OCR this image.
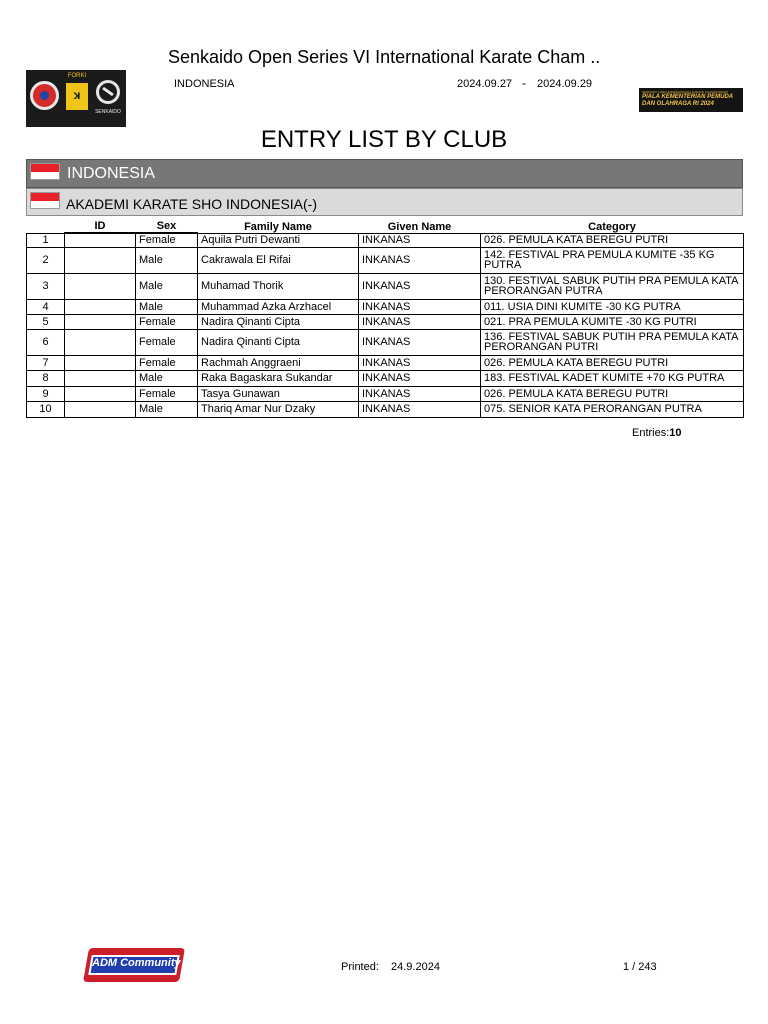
FORKI
ꓘ
SENKAIDO
Senkaido Open Series VI International Karate Cham ..
INDONESIA	2024.09.27 - 2024.09.29
SENKAIDO OPEN INTERNATIONAL KARATE CHAMPIONSHIP
PIALA KEMENTERIAN PEMUDA
DAN OLAHRAGA RI 2024
ENTRY LIST BY CLUB
INDONESIA
AKADEMI KARATE SHO INDONESIA(-)
	ID	Sex	Family Name	Given Name	Category
1		Female	Aquila Putri Dewanti	INKANAS	026. PEMULA KATA BEREGU PUTRI
2		Male	Cakrawala El Rifai	INKANAS	142. FESTIVAL PRA PEMULA KUMITE -35 KG PUTRA
3		Male	Muhamad Thorik	INKANAS	130. FESTIVAL SABUK PUTIH PRA PEMULA KATA PERORANGAN PUTRA
4		Male	Muhammad Azka Arzhacel	INKANAS	011. USIA DINI KUMITE -30 KG PUTRA
5		Female	Nadira Qinanti Cipta	INKANAS	021. PRA PEMULA KUMITE -30 KG PUTRI
6		Female	Nadira Qinanti Cipta	INKANAS	136. FESTIVAL SABUK PUTIH PRA PEMULA KATA PERORANGAN PUTRI
7		Female	Rachmah Anggraeni	INKANAS	026. PEMULA KATA BEREGU PUTRI
8		Male	Raka Bagaskara Sukandar	INKANAS	183. FESTIVAL KADET KUMITE +70 KG PUTRA
9		Female	Tasya Gunawan	INKANAS	026. PEMULA KATA BEREGU PUTRI
10		Male	Thariq Amar Nur Dzaky	INKANAS	075. SENIOR KATA PERORANGAN PUTRA
Entries:10
ADM Community	Printed: 24.9.2024	1 / 243
